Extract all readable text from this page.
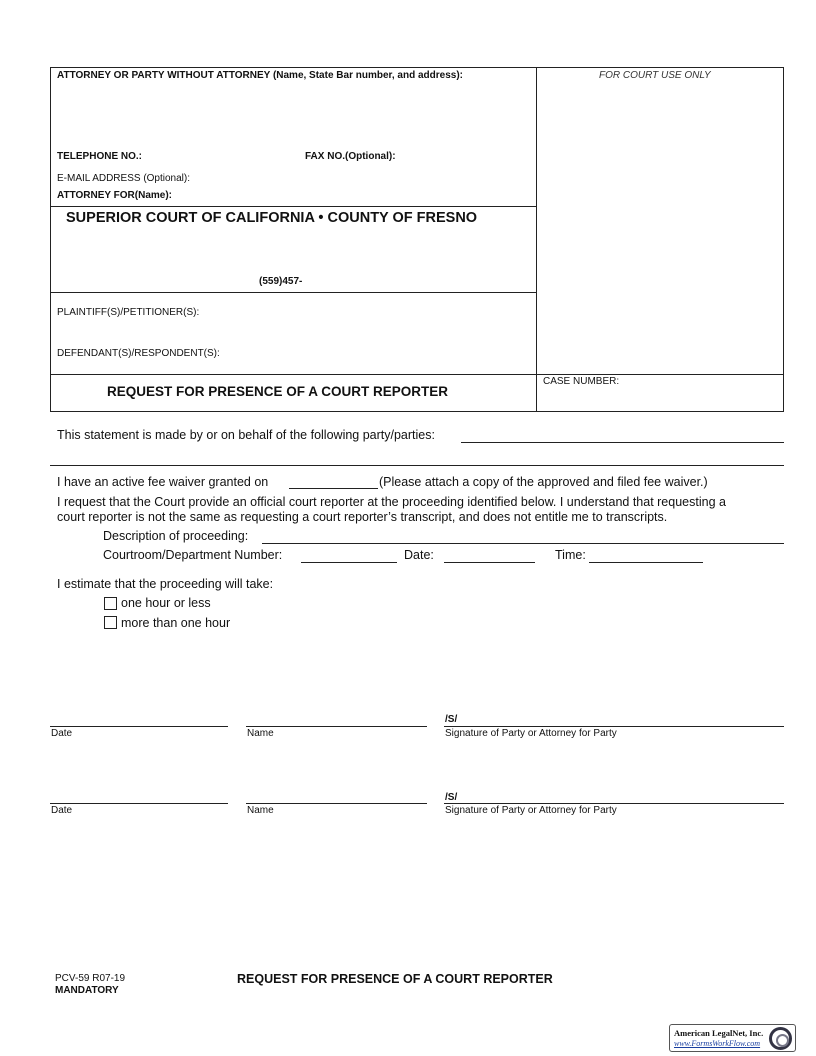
ATTORNEY OR PARTY WITHOUT ATTORNEY (Name, State Bar number, and address):	FOR COURT USE ONLY
TELEPHONE NO.:	FAX NO.(Optional):
E-MAIL ADDRESS (Optional):
ATTORNEY FOR(Name):
SUPERIOR COURT OF CALIFORNIA • COUNTY OF FRESNO
(559)457-
PLAINTIFF(S)/PETITIONER(S):
DEFENDANT(S)/RESPONDENT(S):
REQUEST FOR PRESENCE OF A COURT REPORTER
CASE NUMBER:
This statement is made by or on behalf of the following party/parties:
I have an active fee waiver granted on	(Please attach a copy of the approved and filed fee waiver.)
I request that the Court provide an official court reporter at the proceeding identified below. I understand that requesting a
court reporter is not the same as requesting a court reporter’s transcript, and does not entitle me to transcripts.
Description of proceeding:
Courtroom/Department Number:	Date:	Time:
I estimate that the proceeding will take:
one hour or less
more than one hour
/S/
Date	Name	Signature of Party or Attorney for Party
/S/
Date	Name	Signature of Party or Attorney for Party
PCV-59 R07-19
MANDATORY
REQUEST FOR PRESENCE OF A COURT REPORTER
American LegalNet, Inc.
www.FormsWorkFlow.com
